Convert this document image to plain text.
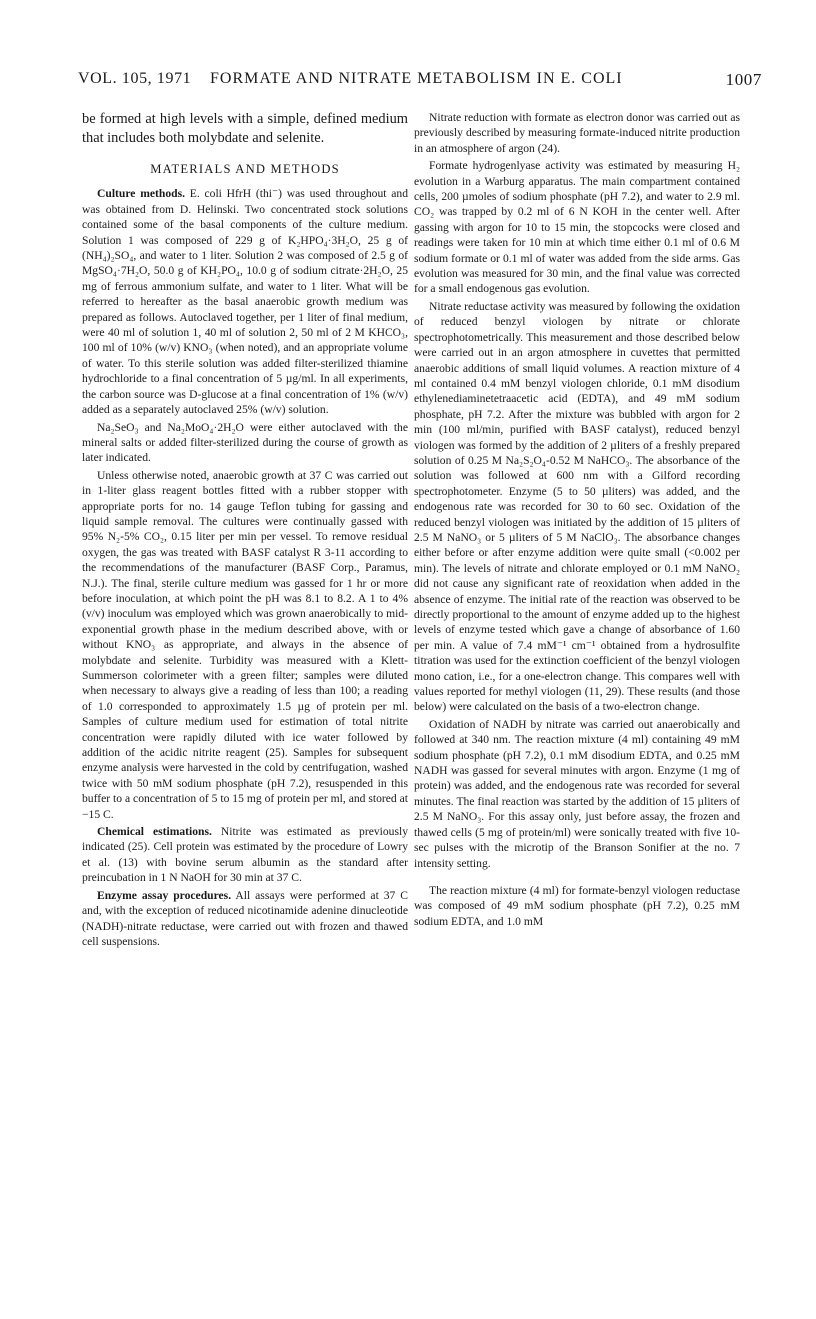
VOL. 105, 1971 FORMATE AND NITRATE METABOLISM IN E. COLI	1007

be formed at high levels with a simple, defined medium that includes both molybdate and selenite.

MATERIALS AND METHODS

Culture methods. E. coli HfrH (thi⁻) was used throughout and was obtained from D. Helinski. Two concentrated stock solutions contained some of the basal components of the culture medium. Solution 1 was composed of 229 g of K₂HPO₄·3H₂O, 25 g of (NH₄)₂SO₄, and water to 1 liter. Solution 2 was composed of 2.5 g of MgSO₄·7H₂O, 50.0 g of KH₂PO₄, 10.0 g of sodium citrate·2H₂O, 25 mg of ferrous ammonium sulfate, and water to 1 liter. What will be referred to hereafter as the basal anaerobic growth medium was prepared as follows. Autoclaved together, per 1 liter of final medium, were 40 ml of solution 1, 40 ml of solution 2, 50 ml of 2 M KHCO₃, 100 ml of 10% (w/v) KNO₃ (when noted), and an appropriate volume of water. To this sterile solution was added filter-sterilized thiamine hydrochloride to a final concentration of 5 µg/ml. In all experiments, the carbon source was D-glucose at a final concentration of 1% (w/v) added as a separately autoclaved 25% (w/v) solution.

Na₂SeO₃ and Na₂MoO₄·2H₂O were either autoclaved with the mineral salts or added filter-sterilized during the course of growth as later indicated.

Unless otherwise noted, anaerobic growth at 37 C was carried out in 1-liter glass reagent bottles fitted with a rubber stopper with appropriate ports for no. 14 gauge Teflon tubing for gassing and liquid sample removal. The cultures were continually gassed with 95% N₂-5% CO₂, 0.15 liter per min per vessel. To remove residual oxygen, the gas was treated with BASF catalyst R 3-11 according to the recommendations of the manufacturer (BASF Corp., Paramus, N.J.). The final, sterile culture medium was gassed for 1 hr or more before inoculation, at which point the pH was 8.1 to 8.2. A 1 to 4% (v/v) inoculum was employed which was grown anaerobically to mid-exponential growth phase in the medium described above, with or without KNO₃ as appropriate, and always in the absence of molybdate and selenite. Turbidity was measured with a Klett-Summerson colorimeter with a green filter; samples were diluted when necessary to always give a reading of less than 100; a reading of 1.0 corresponded to approximately 1.5 µg of protein per ml. Samples of culture medium used for estimation of total nitrite concentration were rapidly diluted with ice water followed by addition of the acidic nitrite reagent (25). Samples for subsequent enzyme analysis were harvested in the cold by centrifugation, washed twice with 50 mM sodium phosphate (pH 7.2), resuspended in this buffer to a concentration of 5 to 15 mg of protein per ml, and stored at −15 C.

Chemical estimations. Nitrite was estimated as previously indicated (25). Cell protein was estimated by the procedure of Lowry et al. (13) with bovine serum albumin as the standard after preincubation in 1 N NaOH for 30 min at 37 C.

Enzyme assay procedures. All assays were performed at 37 C and, with the exception of reduced nicotinamide adenine dinucleotide (NADH)-nitrate reductase, were carried out with frozen and thawed cell suspensions.

Nitrate reduction with formate as electron donor was carried out as previously described by measuring formate-induced nitrite production in an atmosphere of argon (24).

Formate hydrogenlyase activity was estimated by measuring H₂ evolution in a Warburg apparatus. The main compartment contained cells, 200 µmoles of sodium phosphate (pH 7.2), and water to 2.9 ml. CO₂ was trapped by 0.2 ml of 6 N KOH in the center well. After gassing with argon for 10 to 15 min, the stopcocks were closed and readings were taken for 10 min at which time either 0.1 ml of 0.6 M sodium formate or 0.1 ml of water was added from the side arms. Gas evolution was measured for 30 min, and the final value was corrected for a small endogenous gas evolution.

Nitrate reductase activity was measured by following the oxidation of reduced benzyl viologen by nitrate or chlorate spectrophotometrically. This measurement and those described below were carried out in an argon atmosphere in cuvettes that permitted anaerobic additions of small liquid volumes. A reaction mixture of 4 ml contained 0.4 mM benzyl viologen chloride, 0.1 mM disodium ethylenediaminetetraacetic acid (EDTA), and 49 mM sodium phosphate, pH 7.2. After the mixture was bubbled with argon for 2 min (100 ml/min, purified with BASF catalyst), reduced benzyl viologen was formed by the addition of 2 µliters of a freshly prepared solution of 0.25 M Na₂S₂O₄-0.52 M NaHCO₃. The absorbance of the solution was followed at 600 nm with a Gilford recording spectrophotometer. Enzyme (5 to 50 µliters) was added, and the endogenous rate was recorded for 30 to 60 sec. Oxidation of the reduced benzyl viologen was initiated by the addition of 15 µliters of 2.5 M NaNO₃ or 5 µliters of 5 M NaClO₃. The absorbance changes either before or after enzyme addition were quite small (<0.002 per min). The levels of nitrate and chlorate employed or 0.1 mM NaNO₂ did not cause any significant rate of reoxidation when added in the absence of enzyme. The initial rate of the reaction was observed to be directly proportional to the amount of enzyme added up to the highest levels of enzyme tested which gave a change of absorbance of 1.60 per min. A value of 7.4 mM⁻¹ cm⁻¹ obtained from a hydrosulfite titration was used for the extinction coefficient of the benzyl viologen mono cation, i.e., for a one-electron change. This compares well with values reported for methyl viologen (11, 29). These results (and those below) were calculated on the basis of a two-electron change.

Oxidation of NADH by nitrate was carried out anaerobically and followed at 340 nm. The reaction mixture (4 ml) containing 49 mM sodium phosphate (pH 7.2), 0.1 mM disodium EDTA, and 0.25 mM NADH was gassed for several minutes with argon. Enzyme (1 mg of protein) was added, and the endogenous rate was recorded for several minutes. The final reaction was started by the addition of 15 µliters of 2.5 M NaNO₃. For this assay only, just before assay, the frozen and thawed cells (5 mg of protein/ml) were sonically treated with five 10-sec pulses with the microtip of the Branson Sonifier at the no. 7 intensity setting.

The reaction mixture (4 ml) for formate-benzyl viologen reductase was composed of 49 mM sodium phosphate (pH 7.2), 0.25 mM sodium EDTA, and 1.0 mM
